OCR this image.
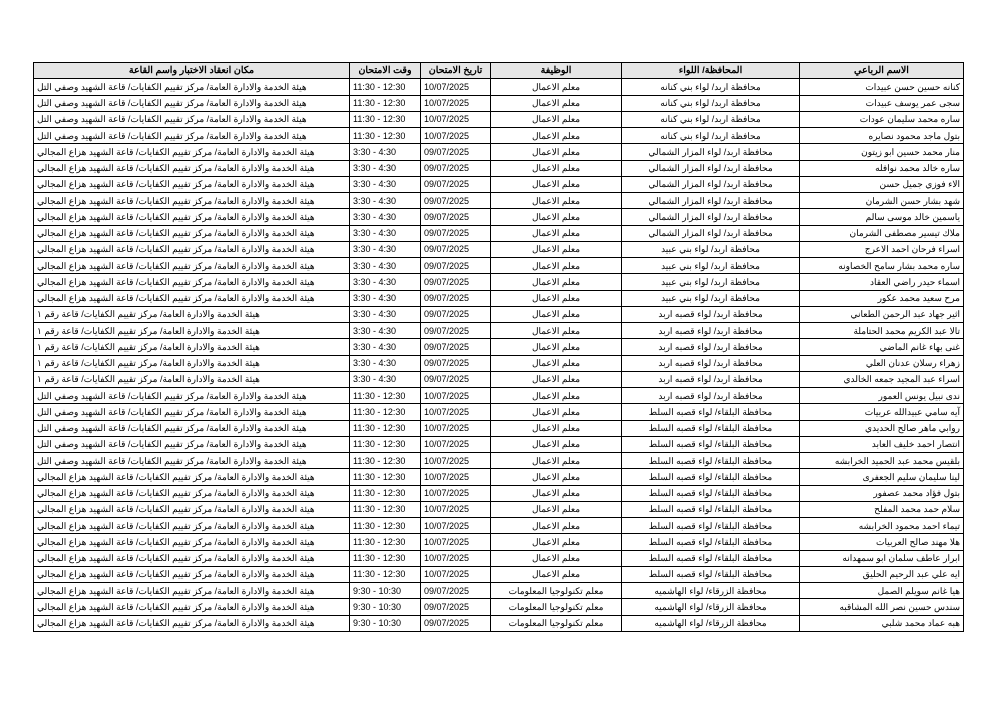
الاسم الرباعي	المحافظة/ اللواء	الوظيفة	تاريخ الامتحان	وقت الامتحان	مكان انعقاد الاختبار واسم القاعة
كنانه حسين حسن عبيدات	محافظة اربد/ لواء بني كنانه	معلم الاعمال	10/07/2025	11:30 - 12:30	هيئة الخدمة والادارة العامة/ مركز تقييم الكفايات/ قاعة الشهيد وصفي التل
سجى عمر يوسف عبيدات	محافظة اربد/ لواء بني كنانه	معلم الاعمال	10/07/2025	11:30 - 12:30	هيئة الخدمة والادارة العامة/ مركز تقييم الكفايات/ قاعة الشهيد وصفي التل
ساره محمد سليمان عودات	محافظة اربد/ لواء بني كنانه	معلم الاعمال	10/07/2025	11:30 - 12:30	هيئة الخدمة والادارة العامة/ مركز تقييم الكفايات/ قاعة الشهيد وصفي التل
بتول ماجد محمود نصايره	محافظة اربد/ لواء بني كنانه	معلم الاعمال	10/07/2025	11:30 - 12:30	هيئة الخدمة والادارة العامة/ مركز تقييم الكفايات/ قاعة الشهيد وصفي التل
منار محمد حسين ابو زيتون	محافظة اربد/ لواء المزار الشمالي	معلم الاعمال	09/07/2025	3:30 - 4:30	هيئة الخدمة والادارة العامة/ مركز تقييم الكفايات/ قاعة الشهيد هزاع المجالي
ساره خالد محمد نوافله	محافظة اربد/ لواء المزار الشمالي	معلم الاعمال	09/07/2025	3:30 - 4:30	هيئة الخدمة والادارة العامة/ مركز تقييم الكفايات/ قاعة الشهيد هزاع المجالي
الاء فوزي جميل حسن	محافظة اربد/ لواء المزار الشمالي	معلم الاعمال	09/07/2025	3:30 - 4:30	هيئة الخدمة والادارة العامة/ مركز تقييم الكفايات/ قاعة الشهيد هزاع المجالي
شهد بشار حسن الشرمان	محافظة اربد/ لواء المزار الشمالي	معلم الاعمال	09/07/2025	3:30 - 4:30	هيئة الخدمة والادارة العامة/ مركز تقييم الكفايات/ قاعة الشهيد هزاع المجالي
ياسمين خالد موسى سالم	محافظة اربد/ لواء المزار الشمالي	معلم الاعمال	09/07/2025	3:30 - 4:30	هيئة الخدمة والادارة العامة/ مركز تقييم الكفايات/ قاعة الشهيد هزاع المجالي
ملاك تيسير مصطفى الشرمان	محافظة اربد/ لواء المزار الشمالي	معلم الاعمال	09/07/2025	3:30 - 4:30	هيئة الخدمة والادارة العامة/ مركز تقييم الكفايات/ قاعة الشهيد هزاع المجالي
اسراء فرحان احمد الاعرج	محافظة اربد/ لواء بني عبيد	معلم الاعمال	09/07/2025	3:30 - 4:30	هيئة الخدمة والادارة العامة/ مركز تقييم الكفايات/ قاعة الشهيد هزاع المجالي
ساره محمد بشار سامح الخصاونه	محافظة اربد/ لواء بني عبيد	معلم الاعمال	09/07/2025	3:30 - 4:30	هيئة الخدمة والادارة العامة/ مركز تقييم الكفايات/ قاعة الشهيد هزاع المجالي
اسماء حيدر راضي العقاد	محافظة اربد/ لواء بني عبيد	معلم الاعمال	09/07/2025	3:30 - 4:30	هيئة الخدمة والادارة العامة/ مركز تقييم الكفايات/ قاعة الشهيد هزاع المجالي
مرح سعيد محمد عكور	محافظة اربد/ لواء بني عبيد	معلم الاعمال	09/07/2025	3:30 - 4:30	هيئة الخدمة والادارة العامة/ مركز تقييم الكفايات/ قاعة الشهيد هزاع المجالي
اثير جهاد عبد الرحمن الطعاني	محافظة اربد/ لواء قصبه اربد	معلم الاعمال	09/07/2025	3:30 - 4:30	هيئة الخدمة والادارة العامة/ مركز تقييم الكفايات/ قاعة رقم ١
تالا عبد الكريم محمد الحتاملة	محافظة اربد/ لواء قصبه اربد	معلم الاعمال	09/07/2025	3:30 - 4:30	هيئة الخدمة والادارة العامة/ مركز تقييم الكفايات/ قاعة رقم ١
غنى بهاء غانم الماضي	محافظة اربد/ لواء قصبه اربد	معلم الاعمال	09/07/2025	3:30 - 4:30	هيئة الخدمة والادارة العامة/ مركز تقييم الكفايات/ قاعة رقم ١
زهراء رسلان عدنان العلي	محافظة اربد/ لواء قصبه اربد	معلم الاعمال	09/07/2025	3:30 - 4:30	هيئة الخدمة والادارة العامة/ مركز تقييم الكفايات/ قاعة رقم ١
اسراء عبد المجيد جمعه الخالدي	محافظة اربد/ لواء قصبه اربد	معلم الاعمال	09/07/2025	3:30 - 4:30	هيئة الخدمة والادارة العامة/ مركز تقييم الكفايات/ قاعة رقم ١
ندى نبيل يونس العمور	محافظة اربد/ لواء قصبه اربد	معلم الاعمال	10/07/2025	11:30 - 12:30	هيئة الخدمة والادارة العامة/ مركز تقييم الكفايات/ قاعة الشهيد وصفي التل
آيه سامي عبيدالله عربيات	محافظة البلقاء/ لواء قصبه السلط	معلم الاعمال	10/07/2025	11:30 - 12:30	هيئة الخدمة والادارة العامة/ مركز تقييم الكفايات/ قاعة الشهيد وصفي التل
روابي ماهر صالح الحديدي	محافظة البلقاء/ لواء قصبه السلط	معلم الاعمال	10/07/2025	11:30 - 12:30	هيئة الخدمة والادارة العامة/ مركز تقييم الكفايات/ قاعة الشهيد وصفي التل
انتصار احمد خليف العابد	محافظة البلقاء/ لواء قصبه السلط	معلم الاعمال	10/07/2025	11:30 - 12:30	هيئة الخدمة والادارة العامة/ مركز تقييم الكفايات/ قاعة الشهيد وصفي التل
بلقيس محمد عبد الحميد الخرابشه	محافظة البلقاء/ لواء قصبه السلط	معلم الاعمال	10/07/2025	11:30 - 12:30	هيئة الخدمة والادارة العامة/ مركز تقييم الكفايات/ قاعة الشهيد وصفي التل
لينا سليمان سليم الجعفرى	محافظة البلقاء/ لواء قصبه السلط	معلم الاعمال	10/07/2025	11:30 - 12:30	هيئة الخدمة والادارة العامة/ مركز تقييم الكفايات/ قاعة الشهيد هزاع المجالي
بتول فؤاد محمد عصفور	محافظة البلقاء/ لواء قصبه السلط	معلم الاعمال	10/07/2025	11:30 - 12:30	هيئة الخدمة والادارة العامة/ مركز تقييم الكفايات/ قاعة الشهيد هزاع المجالي
سلام حمد محمد المفلح	محافظة البلقاء/ لواء قصبه السلط	معلم الاعمال	10/07/2025	11:30 - 12:30	هيئة الخدمة والادارة العامة/ مركز تقييم الكفايات/ قاعة الشهيد هزاع المجالي
تيماء احمد محمود الخرابشه	محافظة البلقاء/ لواء قصبه السلط	معلم الاعمال	10/07/2025	11:30 - 12:30	هيئة الخدمة والادارة العامة/ مركز تقييم الكفايات/ قاعة الشهيد هزاع المجالي
هلا مهند صالح العربيات	محافظة البلقاء/ لواء قصبه السلط	معلم الاعمال	10/07/2025	11:30 - 12:30	هيئة الخدمة والادارة العامة/ مركز تقييم الكفايات/ قاعة الشهيد هزاع المجالي
ابرار عاطف سلمان ابو سمهدانه	محافظة البلقاء/ لواء قصبه السلط	معلم الاعمال	10/07/2025	11:30 - 12:30	هيئة الخدمة والادارة العامة/ مركز تقييم الكفايات/ قاعة الشهيد هزاع المجالي
ايه علي عبد الرحيم الحليق	محافظة البلقاء/ لواء قصبه السلط	معلم الاعمال	10/07/2025	11:30 - 12:30	هيئة الخدمة والادارة العامة/ مركز تقييم الكفايات/ قاعة الشهيد هزاع المجالي
هيا غانم سويلم الصمل	محافظة الزرقاء/ لواء الهاشميه	معلم تكنولوجيا المعلومات	09/07/2025	9:30 - 10:30	هيئة الخدمة والادارة العامة/ مركز تقييم الكفايات/ قاعة الشهيد هزاع المجالي
سندس حسين نصر الله المشاقبه	محافظة الزرقاء/ لواء الهاشميه	معلم تكنولوجيا المعلومات	09/07/2025	9:30 - 10:30	هيئة الخدمة والادارة العامة/ مركز تقييم الكفايات/ قاعة الشهيد هزاع المجالي
هبه عماد محمد شلبي	محافظة الزرقاء/ لواء الهاشميه	معلم تكنولوجيا المعلومات	09/07/2025	9:30 - 10:30	هيئة الخدمة والادارة العامة/ مركز تقييم الكفايات/ قاعة الشهيد هزاع المجالي
